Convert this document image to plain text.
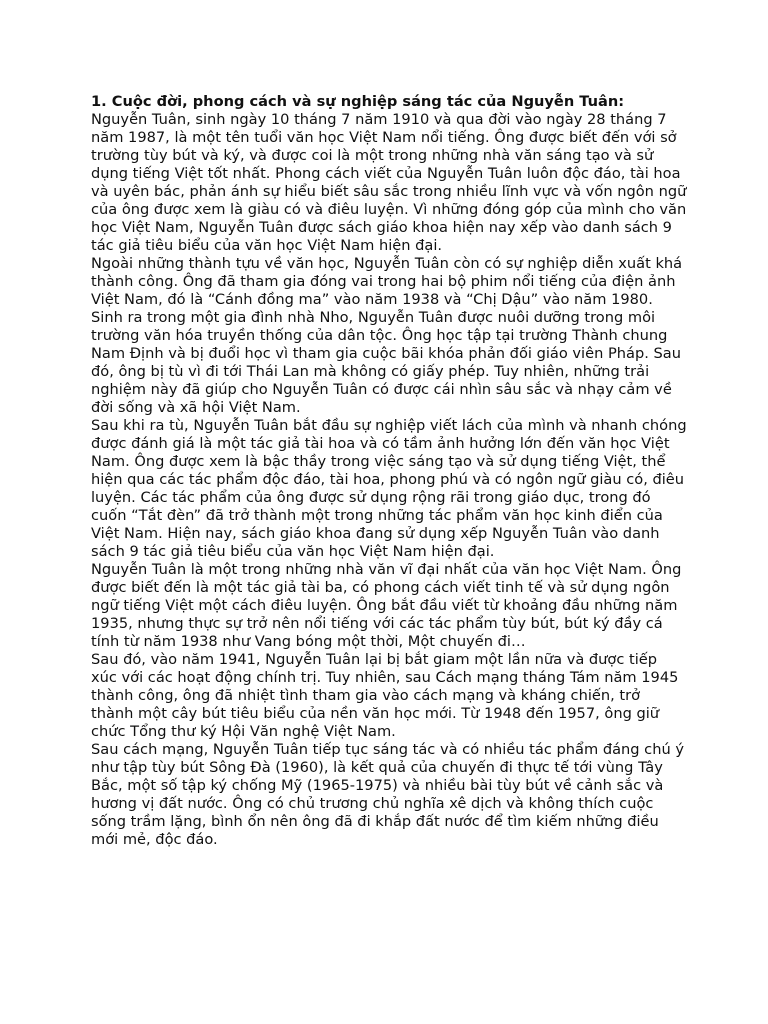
1. Cuộc đời, phong cách và sự nghiệp sáng tác của Nguyễn Tuân:

Nguyễn Tuân, sinh ngày 10 tháng 7 năm 1910 và qua đời vào ngày 28 tháng 7 năm 1987, là một tên tuổi văn học Việt Nam nổi tiếng. Ông được biết đến với sở trường tùy bút và ký, và được coi là một trong những nhà văn sáng tạo và sử dụng tiếng Việt tốt nhất. Phong cách viết của Nguyễn Tuân luôn độc đáo, tài hoa và uyên bác, phản ánh sự hiểu biết sâu sắc trong nhiều lĩnh vực và vốn ngôn ngữ của ông được xem là giàu có và điêu luyện. Vì những đóng góp của mình cho văn học Việt Nam, Nguyễn Tuân được sách giáo khoa hiện nay xếp vào danh sách 9 tác giả tiêu biểu của văn học Việt Nam hiện đại.

Ngoài những thành tựu về văn học, Nguyễn Tuân còn có sự nghiệp diễn xuất khá thành công. Ông đã tham gia đóng vai trong hai bộ phim nổi tiếng của điện ảnh Việt Nam, đó là “Cánh đồng ma” vào năm 1938 và “Chị Dậu” vào năm 1980.

Sinh ra trong một gia đình nhà Nho, Nguyễn Tuân được nuôi dưỡng trong môi trường văn hóa truyền thống của dân tộc. Ông học tập tại trường Thành chung Nam Định và bị đuổi học vì tham gia cuộc bãi khóa phản đối giáo viên Pháp. Sau đó, ông bị tù vì đi tới Thái Lan mà không có giấy phép. Tuy nhiên, những trải nghiệm này đã giúp cho Nguyễn Tuân có được cái nhìn sâu sắc và nhạy cảm về đời sống và xã hội Việt Nam.

Sau khi ra tù, Nguyễn Tuân bắt đầu sự nghiệp viết lách của mình và nhanh chóng được đánh giá là một tác giả tài hoa và có tầm ảnh hưởng lớn đến văn học Việt Nam. Ông được xem là bậc thầy trong việc sáng tạo và sử dụng tiếng Việt, thể hiện qua các tác phẩm độc đáo, tài hoa, phong phú và có ngôn ngữ giàu có, điêu luyện. Các tác phẩm của ông được sử dụng rộng rãi trong giáo dục, trong đó cuốn “Tắt đèn” đã trở thành một trong những tác phẩm văn học kinh điển của Việt Nam. Hiện nay, sách giáo khoa đang sử dụng xếp Nguyễn Tuân vào danh sách 9 tác giả tiêu biểu của văn học Việt Nam hiện đại.

Nguyễn Tuân là một trong những nhà văn vĩ đại nhất của văn học Việt Nam. Ông được biết đến là một tác giả tài ba, có phong cách viết tinh tế và sử dụng ngôn ngữ tiếng Việt một cách điêu luyện. Ông bắt đầu viết từ khoảng đầu những năm 1935, nhưng thực sự trở nên nổi tiếng với các tác phẩm tùy bút, bút ký đầy cá tính từ năm 1938 như Vang bóng một thời, Một chuyến đi…

Sau đó, vào năm 1941, Nguyễn Tuân lại bị bắt giam một lần nữa và được tiếp xúc với các hoạt động chính trị. Tuy nhiên, sau Cách mạng tháng Tám năm 1945 thành công, ông đã nhiệt tình tham gia vào cách mạng và kháng chiến, trở thành một cây bút tiêu biểu của nền văn học mới. Từ 1948 đến 1957, ông giữ chức Tổng thư ký Hội Văn nghệ Việt Nam.

Sau cách mạng, Nguyễn Tuân tiếp tục sáng tác và có nhiều tác phẩm đáng chú ý như tập tùy bút Sông Đà (1960), là kết quả của chuyến đi thực tế tới vùng Tây Bắc, một số tập ký chống Mỹ (1965-1975) và nhiều bài tùy bút về cảnh sắc và hương vị đất nước. Ông có chủ trương chủ nghĩa xê dịch và không thích cuộc sống trầm lặng, bình ổn nên ông đã đi khắp đất nước để tìm kiếm những điều mới mẻ, độc đáo.
